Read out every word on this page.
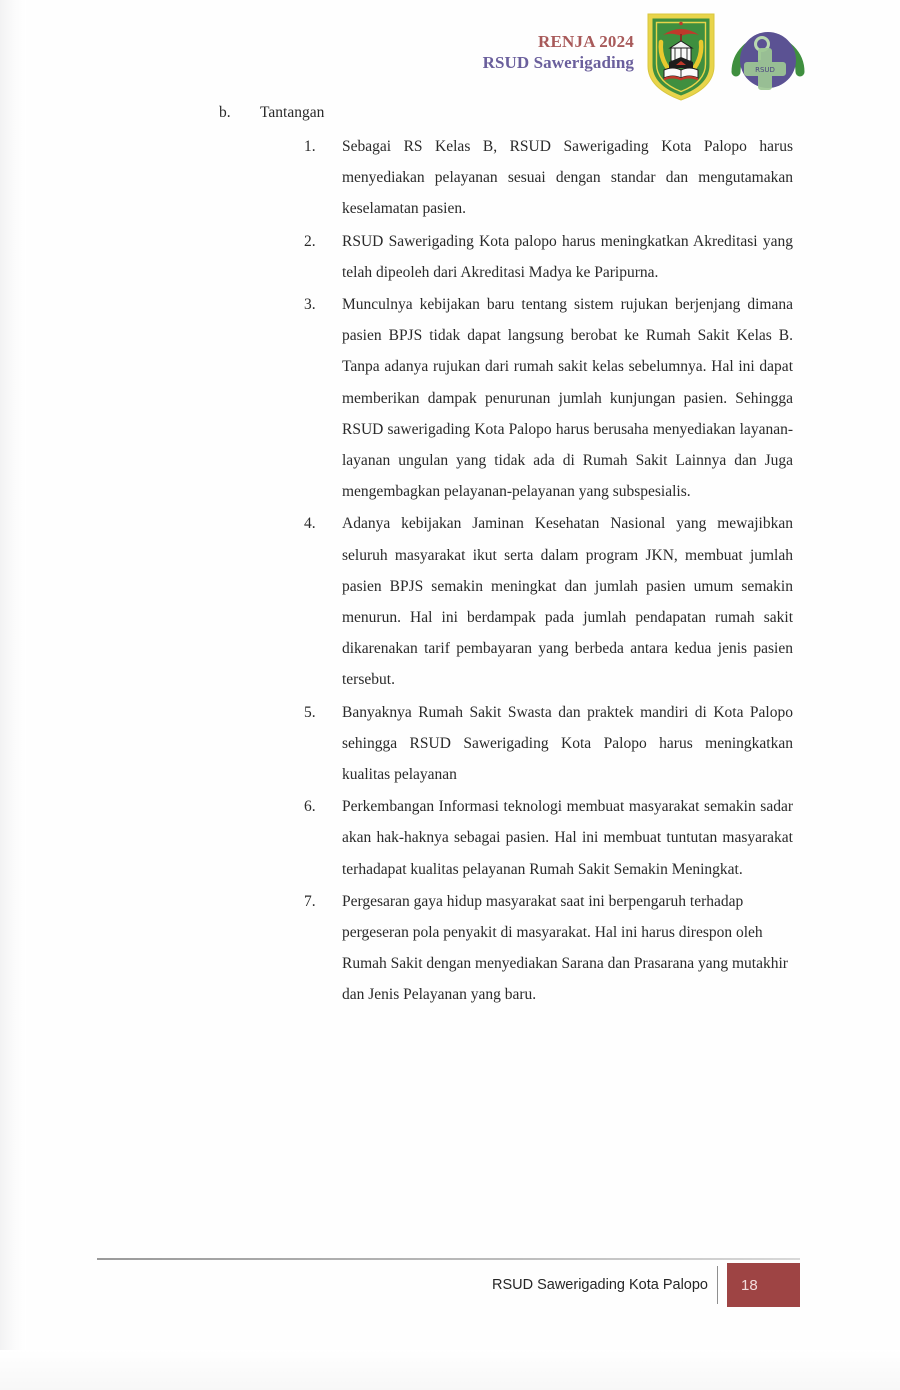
RENJA 2024
RSUD Sawerigading	RSUD
b.	Tantangan
1.	Sebagai RS Kelas B, RSUD Sawerigading Kota Palopo harus menyediakan pelayanan sesuai dengan standar dan mengutamakan keselamatan pasien.
2.	RSUD Sawerigading Kota palopo harus meningkatkan Akreditasi yang telah dipeoleh dari Akreditasi Madya ke Paripurna.
3.	Munculnya kebijakan baru tentang sistem rujukan berjenjang dimana pasien BPJS tidak dapat langsung berobat ke Rumah Sakit Kelas B. Tanpa adanya rujukan dari rumah sakit kelas sebelumnya. Hal ini dapat memberikan dampak penurunan jumlah kunjungan pasien. Sehingga RSUD sawerigading Kota Palopo harus berusaha menyediakan layanan-layanan ungulan yang tidak ada di Rumah Sakit Lainnya dan Juga mengembagkan pelayanan-pelayanan yang subspesialis.
4.	Adanya kebijakan Jaminan Kesehatan Nasional yang mewajibkan seluruh masyarakat ikut serta dalam program JKN, membuat jumlah pasien BPJS semakin meningkat dan jumlah pasien umum semakin menurun. Hal ini berdampak pada jumlah pendapatan rumah sakit dikarenakan tarif pembayaran yang berbeda antara kedua jenis pasien tersebut.
5.	Banyaknya Rumah Sakit Swasta dan praktek mandiri di Kota Palopo sehingga RSUD Sawerigading Kota Palopo harus meningkatkan kualitas pelayanan
6.	Perkembangan Informasi teknologi membuat masyarakat semakin sadar akan hak-haknya sebagai pasien. Hal ini membuat tuntutan masyarakat terhadapat kualitas pelayanan Rumah Sakit Semakin Meningkat.
7.	Pergesaran gaya hidup masyarakat saat ini berpengaruh terhadap pergeseran pola penyakit di masyarakat. Hal ini harus direspon oleh Rumah Sakit dengan menyediakan Sarana dan Prasarana yang mutakhir dan Jenis Pelayanan yang baru.
RSUD Sawerigading Kota Palopo	18
